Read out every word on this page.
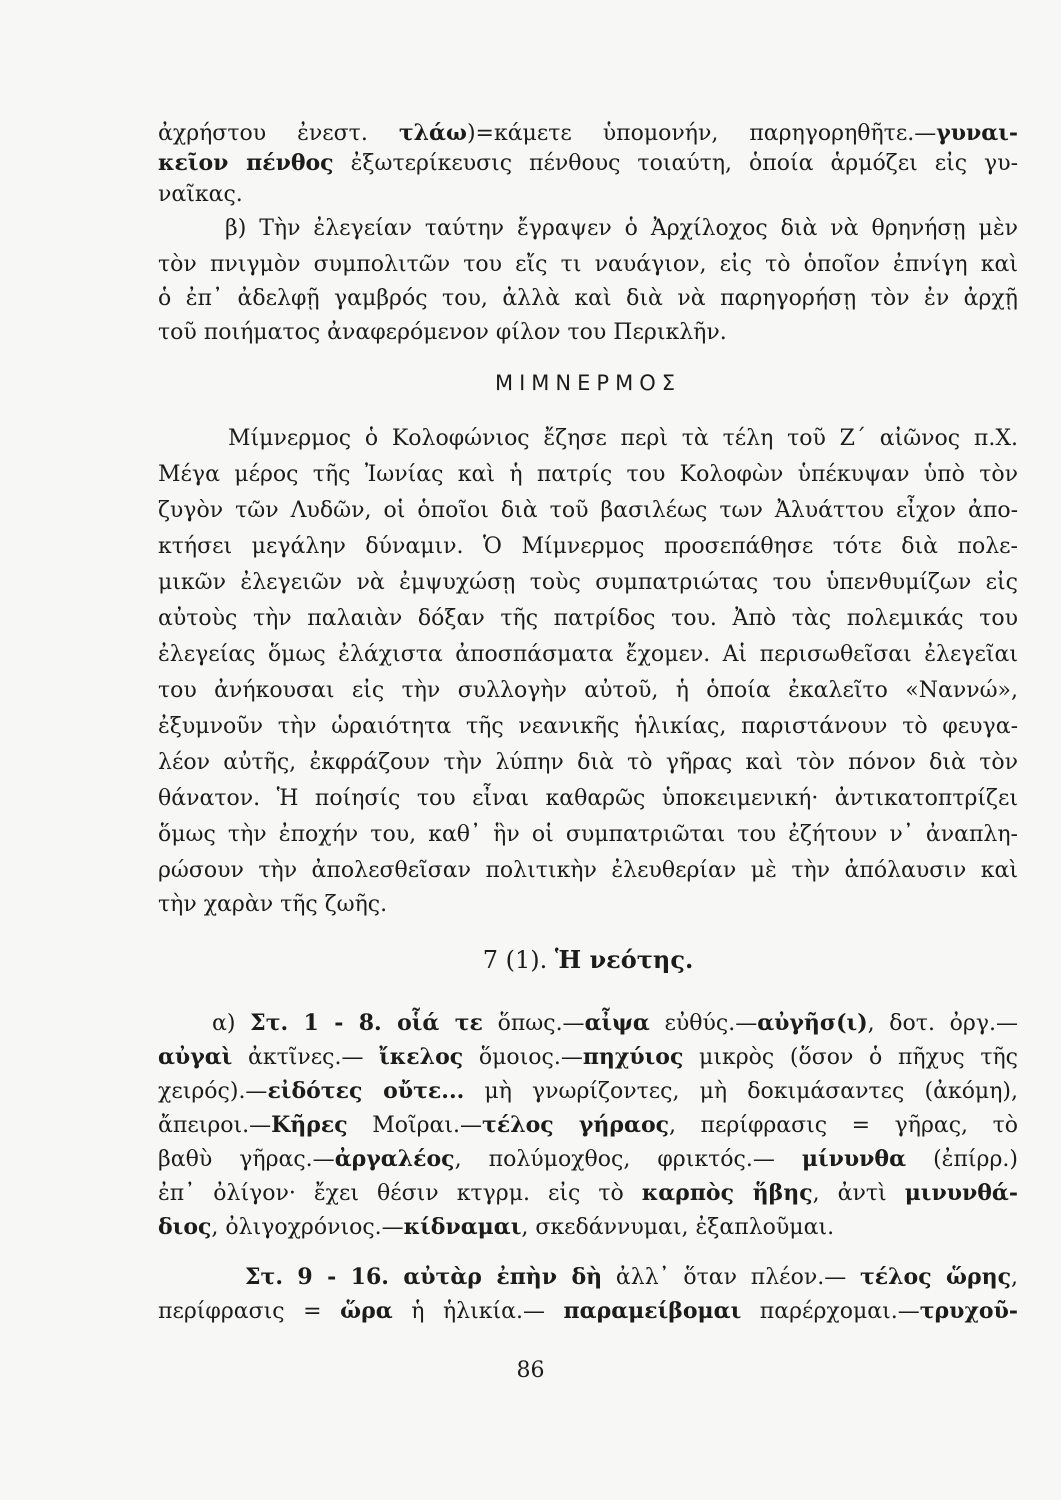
ἀχρήστου ἐνεστ. τλάω)=κάμετε ὑπομονήν, παρηγορηθῆτε.—γυναι-
κεῖον πένθος ἐξωτερίκευσις πένθους τοιαύτη, ὁποία ἁρμόζει εἰς γυ-
ναῖκας.
β) Τὴν ἐλεγείαν ταύτην ἔγραψεν ὁ Ἀρχίλοχος διὰ νὰ θρηνήσῃ μὲν
τὸν πνιγμὸν συμπολιτῶν του εἴς τι ναυάγιον, εἰς τὸ ὁποῖον ἐπνίγη καὶ
ὁ ἐπ᾽ ἀδελφῇ γαμβρός του, ἀλλὰ καὶ διὰ νὰ παρηγορήσῃ τὸν ἐν ἀρχῇ
τοῦ ποιήματος ἀναφερόμενον φίλον του Περικλῆν.
ΜΙΜΝΕΡΜΟΣ
Μίμνερμος ὁ Κολοφώνιος ἔζησε περὶ τὰ τέλη τοῦ Ζ΄ αἰῶνος π.Χ.
Μέγα μέρος τῆς Ἰωνίας καὶ ἡ πατρίς του Κολοφὼν ὑπέκυψαν ὑπὸ τὸν
ζυγὸν τῶν Λυδῶν, οἱ ὁποῖοι διὰ τοῦ βασιλέως των Ἀλυάττου εἶχον ἀπο-
κτήσει μεγάλην δύναμιν. Ὁ Μίμνερμος προσεπάθησε τότε διὰ πολε-
μικῶν ἐλεγειῶν νὰ ἐμψυχώσῃ τοὺς συμπατριώτας του ὑπενθυμίζων εἰς
αὐτοὺς τὴν παλαιὰν δόξαν τῆς πατρίδος του. Ἀπὸ τὰς πολεμικάς του
ἐλεγείας ὅμως ἐλάχιστα ἀποσπάσματα ἔχομεν. Αἱ περισωθεῖσαι ἐλεγεῖαι
του ἀνήκουσαι εἰς τὴν συλλογὴν αὐτοῦ, ἡ ὁποία ἐκαλεῖτο «Ναννώ»,
ἐξυμνοῦν τὴν ὡραιότητα τῆς νεανικῆς ἡλικίας, παριστάνουν τὸ φευγα-
λέον αὐτῆς, ἐκφράζουν τὴν λύπην διὰ τὸ γῆρας καὶ τὸν πόνον διὰ τὸν
θάνατον. Ἡ ποίησίς του εἶναι καθαρῶς ὑποκειμενική· ἀντικατοπτρίζει
ὅμως τὴν ἐποχήν του, καθ᾽ ἣν οἱ συμπατριῶται του ἐζήτουν ν᾽ ἀναπλη-
ρώσουν τὴν ἀπολεσθεῖσαν πολιτικὴν ἐλευθερίαν μὲ τὴν ἀπόλαυσιν καὶ
τὴν χαρὰν τῆς ζωῆς.
7 (1). Ἡ νεότης.
α) Στ. 1 - 8. οἷά τε ὅπως.—αἶψα εὐθύς.—αὐγῆσ(ι), δοτ. ὀργ.—
αὐγαὶ ἀκτῖνες.— ἴκελος ὅμοιος.—πηχύιος μικρὸς (ὅσον ὁ πῆχυς τῆς
χειρός).—εἰδότες οὔτε... μὴ γνωρίζοντες, μὴ δοκιμάσαντες (ἀκόμη),
ἄπειροι.—Κῆρες Μοῖραι.—τέλος γήραος, περίφρασις = γῆρας, τὸ
βαθὺ γῆρας.—ἀργαλέος, πολύμοχθος, φρικτός.— μίνυνθα (ἐπίρρ.)
ἐπ᾽ ὀλίγον· ἔχει θέσιν κτγρμ. εἰς τὸ καρπὸς ἥβης, ἀντὶ μινυνθά-
διος, ὀλιγοχρόνιος.—κίδναμαι, σκεδάννυμαι, ἐξαπλοῦμαι.
Στ. 9 - 16. αὐτὰρ ἐπὴν δὴ ἀλλ᾽ ὅταν πλέον.— τέλος ὥρης,
περίφρασις = ὥρα ἡ ἡλικία.— παραμείβομαι παρέρχομαι.—τρυχοῦ-
86
